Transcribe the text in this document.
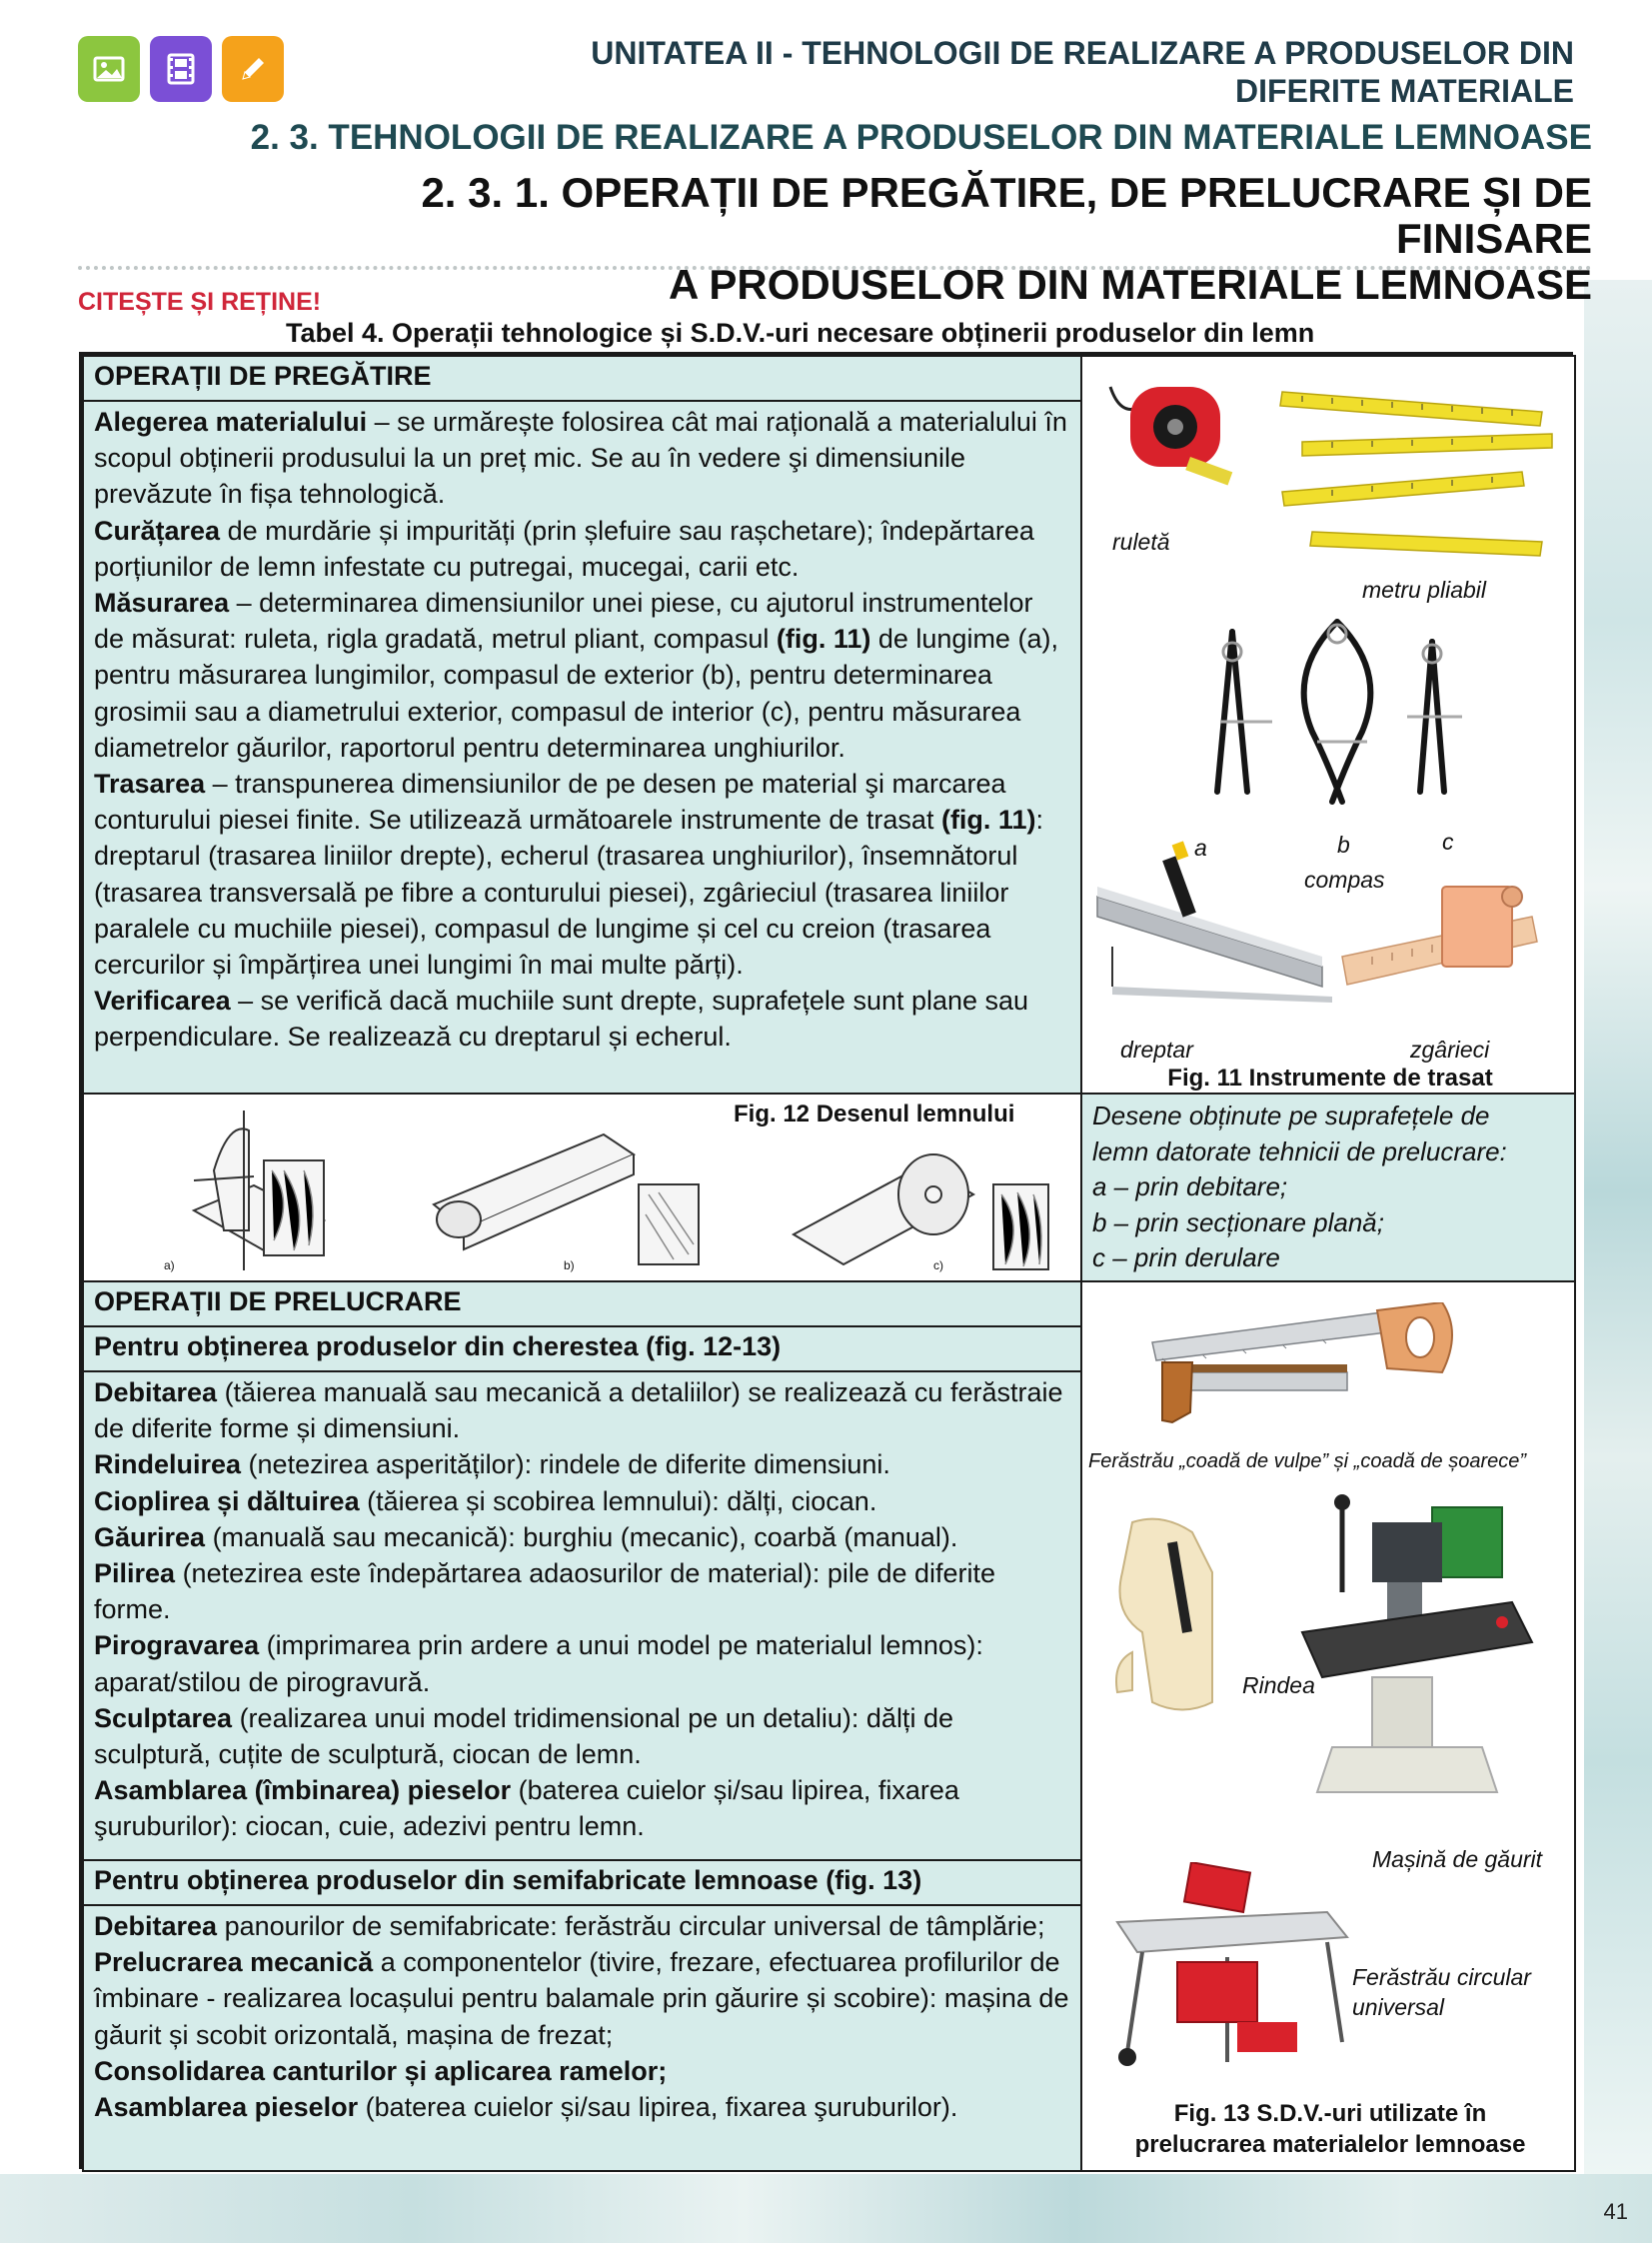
UNITATEA II - TEHNOLOGII DE REALIZARE A PRODUSELOR DIN
DIFERITE MATERIALE
2. 3. TEHNOLOGII DE REALIZARE A PRODUSELOR DIN MATERIALE LEMNOASE
2. 3. 1. OPERAȚII DE PREGĂTIRE, DE PRELUCRARE ȘI DE FINISARE
A PRODUSELOR DIN MATERIALE LEMNOASE
CITEȘTE ȘI REȚINE!
Tabel 4. Operații tehnologice și S.D.V.-uri necesare obținerii produselor din lemn
OPERAȚII DE PREGĂTIRE
Alegerea materialului – se urmărește folosirea cât mai rațională a materialului în scopul obținerii produsului la un preț mic. Se au în vedere şi dimensiunile prevăzute în fișa tehnologică.
Curățarea de murdărie și impurități (prin șlefuire sau rașchetare); îndepărtarea porțiunilor de lemn infestate cu putregai, mucegai, carii etc.
Măsurarea – determinarea dimensiunilor unei piese, cu ajutorul instrumentelor de măsurat: ruleta, rigla gradată, metrul pliant, compasul (fig. 11) de lungime (a), pentru măsurarea lungimilor, compasul de exterior (b), pentru determinarea grosimii sau a diametrului exterior, compasul de interior (c), pentru măsurarea diametrelor găurilor, raportorul pentru determinarea unghiurilor.
Trasarea – transpunerea dimensiunilor de pe desen pe material şi marcarea conturului piesei finite. Se utilizează următoarele instrumente de trasat (fig. 11): dreptarul (trasarea liniilor drepte), echerul (trasarea unghiurilor), însemnătorul (trasarea transversală pe fibre a conturului piesei), zgârieciul (trasarea liniilor paralele cu muchiile piesei), compasul de lungime și cel cu creion (trasarea cercurilor și împărțirea unei lungimi în mai multe părți).
Verificarea – se verifică dacă muchiile sunt drepte, suprafețele sunt plane sau perpendiculare. Se realizează cu dreptarul și echerul.
ruletă
metru pliabil
a	b	c
compas
dreptar	zgârieci
Fig. 11 Instrumente de trasat
Fig. 12 Desenul lemnului
a)	b)	c)
Desene obținute pe suprafețele de
lemn datorate tehnicii de prelucrare:
a – prin debitare;
b – prin secționare plană;
c – prin derulare
OPERAȚII DE PRELUCRARE
Pentru obținerea produselor din cherestea (fig. 12-13)
Debitarea (tăierea manuală sau mecanică a detaliilor) se realizează cu ferăstraie de diferite forme și dimensiuni.
Rindeluirea (netezirea asperităților): rindele de diferite dimensiuni.
Cioplirea și dăltuirea (tăierea și scobirea lemnului): dălți, ciocan.
Găurirea (manuală sau mecanică): burghiu (mecanic), coarbă (manual).
Pilirea (netezirea este îndepărtarea adaosurilor de material): pile de diferite forme.
Pirogravarea (imprimarea prin ardere a unui model pe materialul lemnos): aparat/stilou de pirogravură.
Sculptarea (realizarea unui model tridimensional pe un detaliu): dălți de sculptură, cuțite de sculptură, ciocan de lemn.
Asamblarea (îmbinarea) pieselor (baterea cuielor și/sau lipirea, fixarea şuruburilor): ciocan, cuie, adezivi pentru lemn.
Pentru obținerea produselor din semifabricate lemnoase (fig. 13)
Debitarea panourilor de semifabricate: ferăstrău circular universal de tâmplărie;
Prelucrarea mecanică a componentelor (tivire, frezare, efectuarea profilurilor de îmbinare - realizarea locașului pentru balamale prin găurire și scobire): mașina de găurit și scobit orizontală, mașina de frezat;
Consolidarea canturilor și aplicarea ramelor;
Asamblarea pieselor (baterea cuielor și/sau lipirea, fixarea şuruburilor).
Ferăstrău „coadă de vulpe” și „coadă de șoarece”
Rindea
Mașină de găurit
Ferăstrău circular
universal
Fig. 13 S.D.V.-uri utilizate în
prelucrarea materialelor lemnoase
41
